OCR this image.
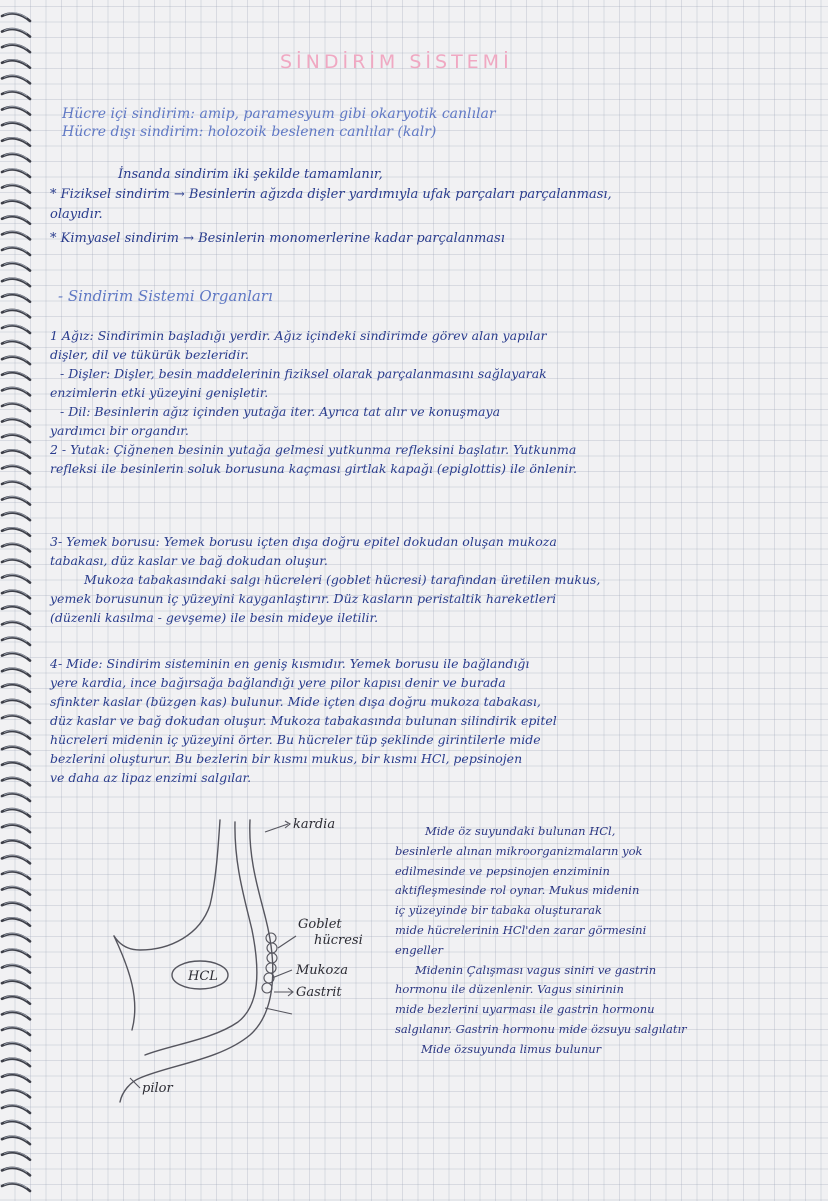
SİNDİRİM SİSTEMİ
Hücre içi sindirim: amip, paramesyum gibi okaryotik canlılar
Hücre dışı sindirim: holozoik beslenen canlılar (kalr)
İnsanda sindirim iki şekilde tamamlanır,
* Fiziksel sindirim → Besinlerin ağızda dişler yardımıyla ufak parçaları parçalanması,
olayıdır.
* Kimyasel sindirim → Besinlerin monomerlerine kadar parçalanması
- Sindirim Sistemi Organları
1 Ağız: Sindirimin başladığı yerdir. Ağız içindeki sindirimde görev alan yapılar
dişler, dil ve tükürük bezleridir.
- Dişler: Dişler, besin maddelerinin fiziksel olarak parçalanmasını sağlayarak
enzimlerin etki yüzeyini genişletir.
- Dil: Besinlerin ağız içinden yutağa iter. Ayrıca tat alır ve konuşmaya
yardımcı bir organdır.
2 - Yutak: Çiğnenen besinin yutağa gelmesi yutkunma refleksini başlatır. Yutkunma
refleksi ile besinlerin soluk borusuna kaçması girtlak kapağı (epiglottis) ile önlenir.
3- Yemek borusu: Yemek borusu içten dışa doğru epitel dokudan oluşan mukoza
tabakası, düz kaslar ve bağ dokudan oluşur.
Mukoza tabakasındaki salgı hücreleri (goblet hücresi) tarafından üretilen mukus,
yemek borusunun iç yüzeyini kayganlaştırır. Düz kasların peristaltik hareketleri
(düzenli kasılma - gevşeme) ile besin mideye iletilir.
4- Mide: Sindirim sisteminin en geniş kısmıdır. Yemek borusu ile bağlandığı
yere kardia, ince bağırsağa bağlandığı yere pilor kapısı denir ve burada
sfinkter kaslar (büzgen kas) bulunur. Mide içten dışa doğru mukoza tabakası,
düz kaslar ve bağ dokudan oluşur. Mukoza tabakasında bulunan silindirik epitel
hücreleri midenin iç yüzeyini örter. Bu hücreler tüp şeklinde girintilerle mide
bezlerini oluşturur. Bu bezlerin bir kısmı mukus, bir kısmı HCl, pepsinojen
ve daha az lipaz enzimi salgılar.
kardia
Goblet
hücresi
HCL	Mukoza
Gastrit
pilor
Mide öz suyundaki bulunan HCl,
besinlerle alınan mikroorganizmaların yok
edilmesinde ve pepsinojen enziminin
aktifleşmesinde rol oynar. Mukus midenin
iç yüzeyinde bir tabaka oluşturarak
mide hücrelerinin HCl'den zarar görmesini
engeller
Midenin Çalışması vagus siniri ve gastrin
hormonu ile düzenlenir. Vagus sinirinin
mide bezlerini uyarması ile gastrin hormonu
salgılanır. Gastrin hormonu mide özsuyu salgılatır
Mide özsuyunda limus bulunur
